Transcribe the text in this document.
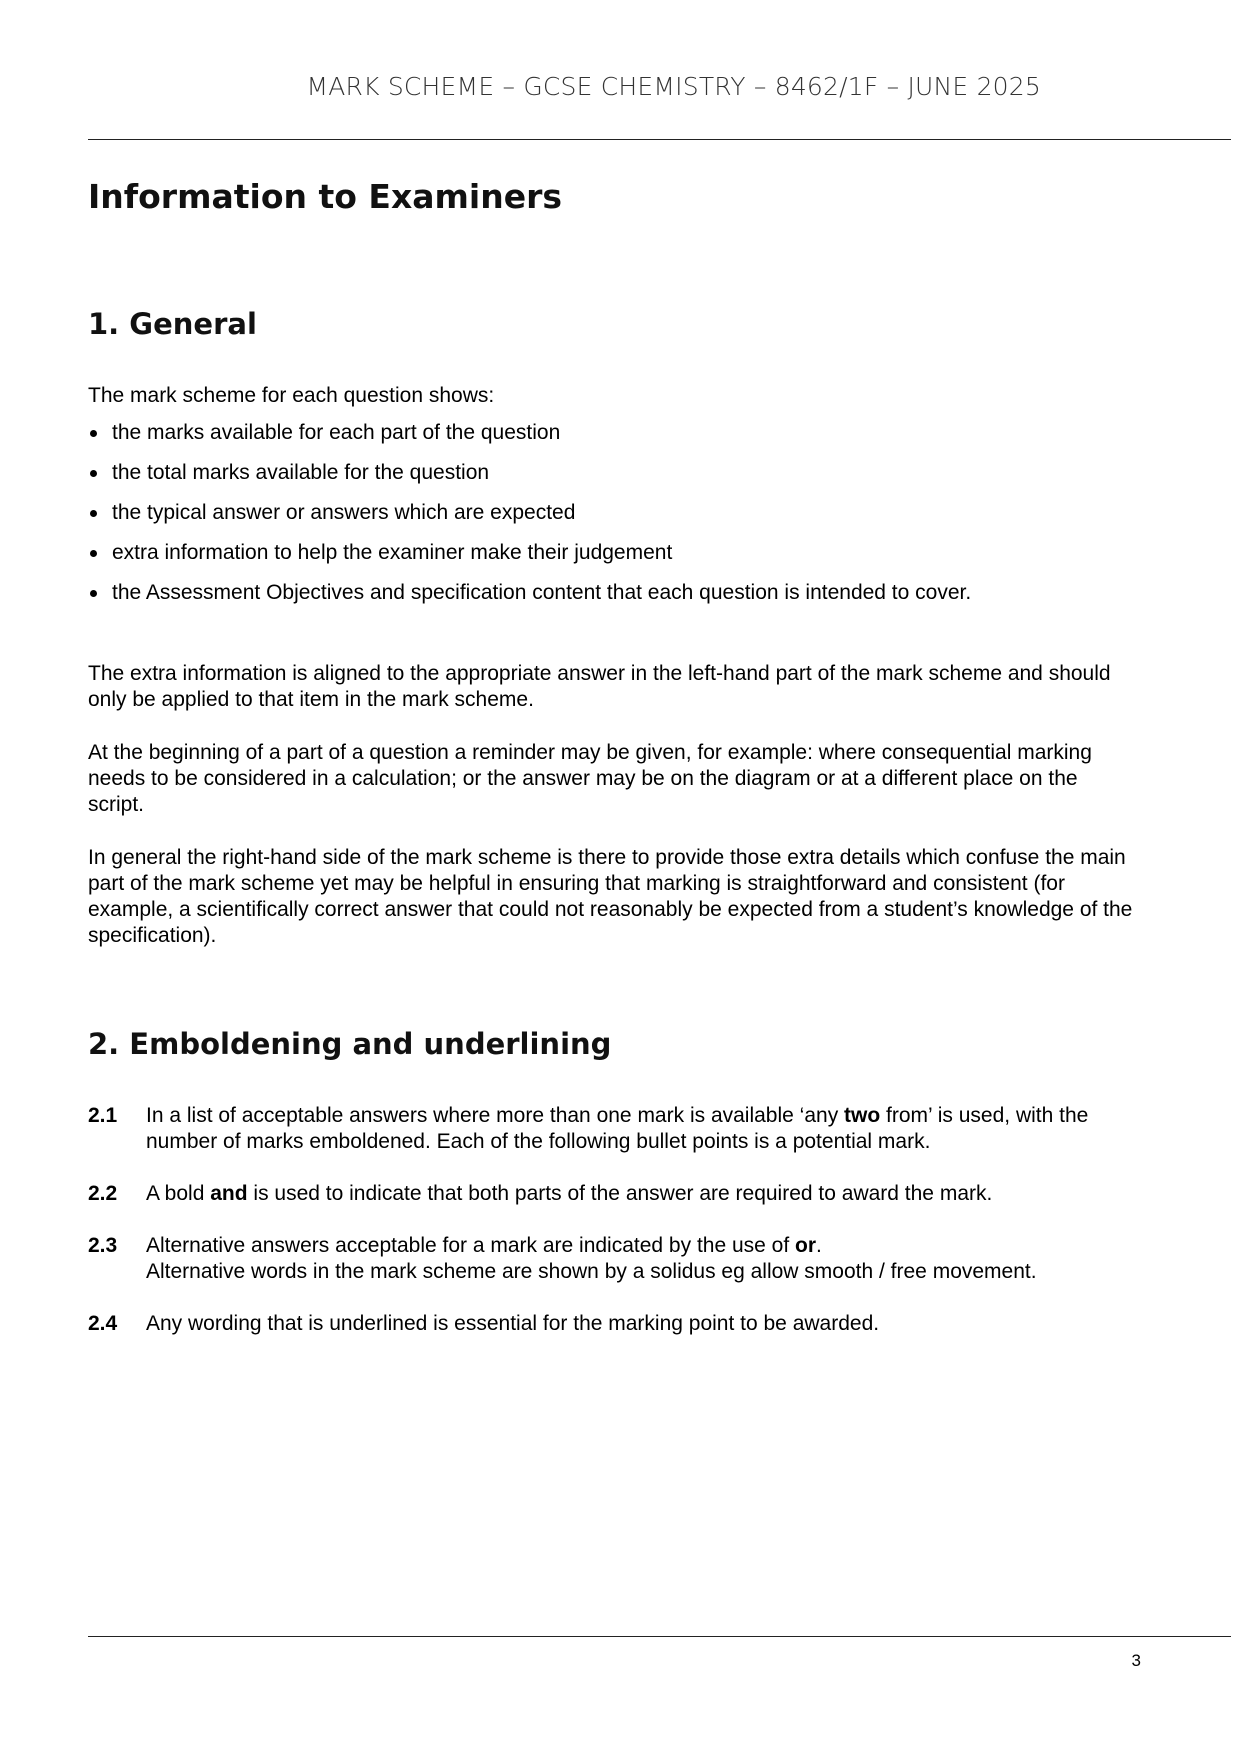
MARK SCHEME – GCSE CHEMISTRY – 8462/1F – JUNE 2025
Information to Examiners
1. General

The mark scheme for each question shows:

the marks available for each part of the question
the total marks available for the question
the typical answer or answers which are expected
extra information to help the examiner make their judgement
the Assessment Objectives and specification content that each question is intended to cover.

The extra information is aligned to the appropriate answer in the left-hand part of the mark scheme and should only be applied to that item in the mark scheme.

At the beginning of a part of a question a reminder may be given, for example: where consequential marking needs to be considered in a calculation; or the answer may be on the diagram or at a different place on the script.

In general the right-hand side of the mark scheme is there to provide those extra details which confuse the main part of the mark scheme yet may be helpful in ensuring that marking is straightforward and consistent (for example, a scientifically correct answer that could not reasonably be expected from a student’s knowledge of the specification).

2. Emboldening and underlining
2.1	In a list of acceptable answers where more than one mark is available ‘any two from’ is used, with the number of marks emboldened. Each of the following bullet points is a potential mark.
2.2	A bold and is used to indicate that both parts of the answer are required to award the mark.
2.3	Alternative answers acceptable for a mark are indicated by the use of or.
Alternative words in the mark scheme are shown by a solidus eg allow smooth / free movement.
2.4	Any wording that is underlined is essential for the marking point to be awarded.
3
